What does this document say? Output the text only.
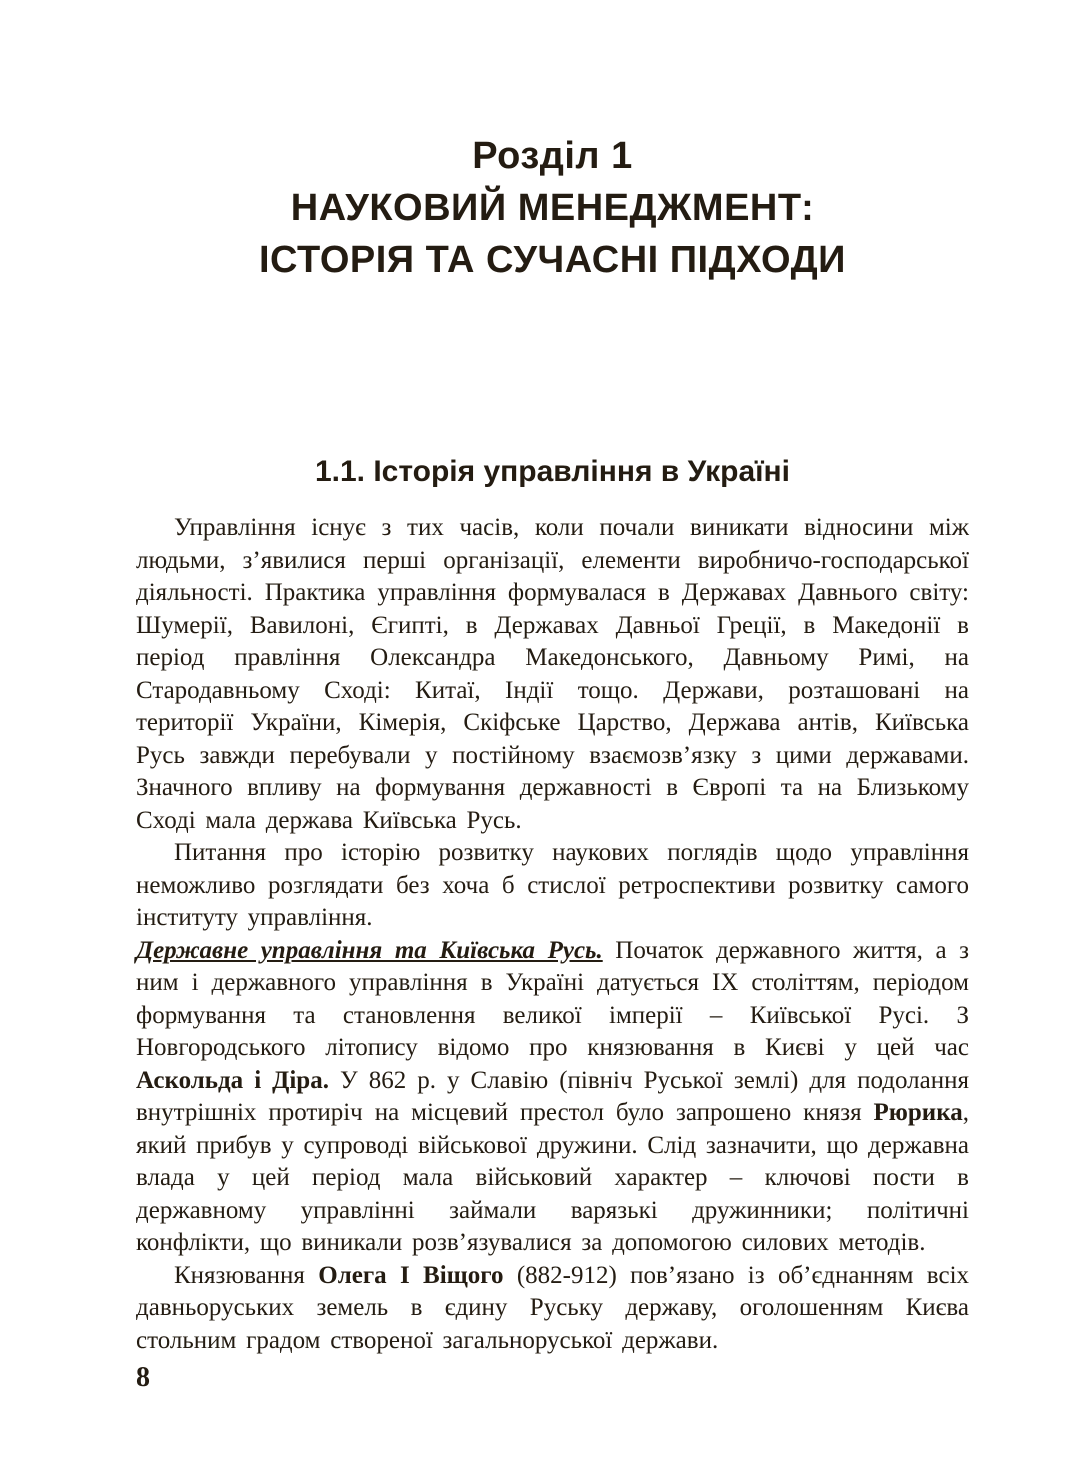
Розділ 1
НАУКОВИЙ МЕНЕДЖМЕНТ:
ІСТОРІЯ ТА СУЧАСНІ ПІДХОДИ
1.1. Історія управління в Україні

Управління існує з тих часів, коли почали виникати відносини між людьми, з’явилися перші організації, елементи виробничо-господарської діяльності. Практика управління формувалася в Державах Давнього світу: Шумерії, Вавилоні, Єгипті, в Державах Давньої Греції, в Македонії в період правління Олександра Македонського, Давньому Римі, на Стародавньому Сході: Китаї, Індії тощо. Держави, розташовані на території України, Кімерія, Скіфське Царство, Держава антів, Київська Русь завжди перебували у постійному взаємозв’язку з цими державами. Значного впливу на формування державності в Європі та на Близькому Сході мала держава Київська Русь.

Питання про історію розвитку наукових поглядів щодо управління неможливо розглядати без хоча б стислої ретроспективи розвитку самого інституту управління.

Державне управління та Київська Русь. Початок державного життя, а з ним і державного управління в Україні датується ІХ століттям, періодом формування та становлення великої імперії – Київської Русі. З Новгородського літопису відомо про князювання в Києві у цей час Аскольда і Діра. У 862 р. у Славію (північ Руської землі) для подолання внутрішніх протиріч на місцевий престол було запрошено князя Рюрика, який прибув у супроводі військової дружини. Слід зазначити, що державна влада у цей період мала військовий характер – ключові пости в державному управлінні займали варязькі дружинники; політичні конфлікти, що виникали розв’язувалися за допомогою силових методів.

Князювання Олега І Віщого (882-912) пов’язано із об’єднанням всіх давньоруських земель в єдину Руську державу, оголошенням Києва стольним градом створеної загальноруської держави.

8
